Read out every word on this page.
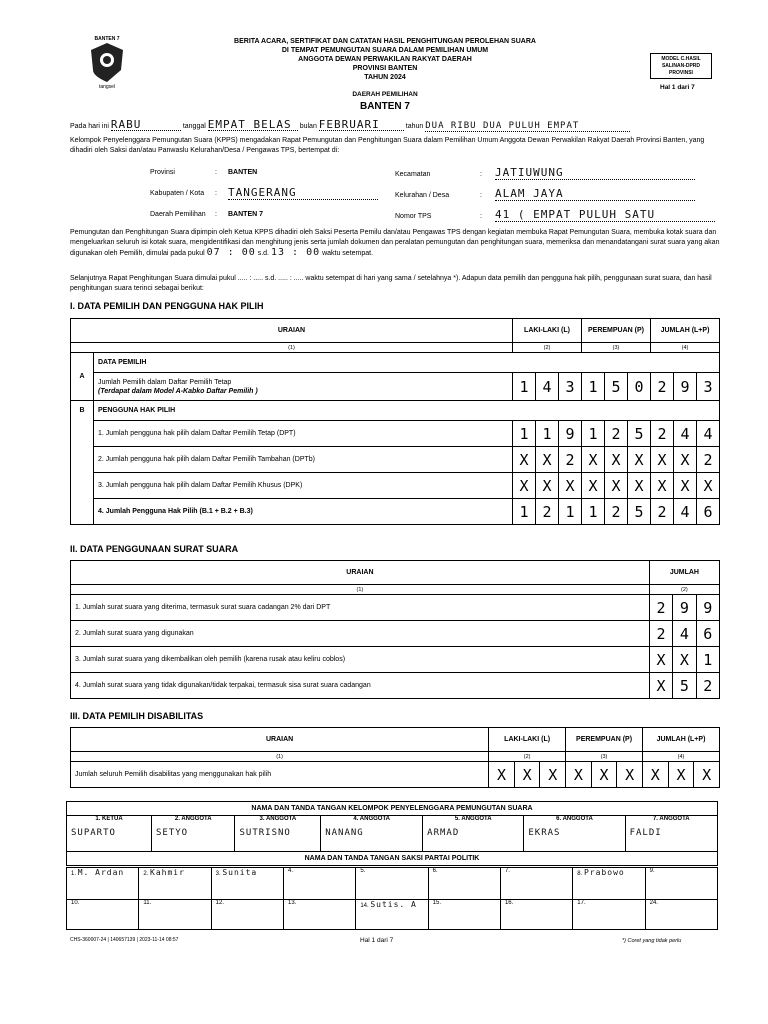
BANTEN 7
tangsel
BERITA ACARA, SERTIFIKAT DAN CATATAN HASIL PENGHITUNGAN PEROLEHAN SUARA
DI TEMPAT PEMUNGUTAN SUARA DALAM PEMILIHAN UMUM
ANGGOTA DEWAN PERWAKILAN RAKYAT DAERAH
PROVINSI BANTEN
TAHUN 2024
MODEL C.HASIL
SALINAN-DPRD
PROVINSI
Hal 1 dari 7
DAERAH PEMILIHAN
BANTEN 7
Pada hari ini RABU	tanggal EMPAT BELAS bulan FEBRUARI	tahun DUA RIBU DUA PULUH EMPAT
Kelompok Penyelenggara Pemungutan Suara (KPPS) mengadakan Rapat Pemungutan dan Penghitungan Suara dalam Pemilihan Umum Anggota Dewan Perwakilan Rakyat Daerah Provinsi Banten, yang dihadiri oleh Saksi dan/atau Panwaslu Kelurahan/Desa / Pengawas TPS, bertempat di:
Provinsi	: BANTEN
Kabupaten / Kota : TANGERANG
Daerah Pemilihan : BANTEN 7
Kecamatan	: JATIUWUNG
Kelurahan / Desa	: ALAM JAYA
Nomor TPS	: 41 ( EMPAT PULUH SATU
Pemungutan dan Penghitungan Suara dipimpin oleh Ketua KPPS dihadiri oleh Saksi Peserta Pemilu dan/atau Pengawas TPS dengan kegiatan membuka Rapat Pemungutan Suara, membuka kotak suara dan mengeluarkan seluruh isi kotak suara, mengidentifikasi dan menghitung jenis serta jumlah dokumen dan peralatan pemungutan dan penghitungan suara, memeriksa dan menandatangani surat suara yang akan digunakan oleh Pemilih, dimulai pada pukul 07 : 00 s.d. 13 : 00 waktu setempat.
Selanjutnya Rapat Penghitungan Suara dimulai pukul ..... : ..... s.d. ..... : ..... waktu setempat di hari yang sama / setelahnya *). Adapun data pemilih dan pengguna hak pilih, penggunaan surat suara, dan hasil penghitungan suara terinci sebagai berikut:
I. DATA PEMILIH DAN PENGGUNA HAK PILIH
URAIAN		LAKI-LAKI (L)			PEREMPUAN (P)			JUMLAH (L+P)		
(1)		(2)			(3)			(4)		
A	DATA PEMILIH									

	Jumlah Pemilih dalam Daftar Pemilih Tetap
(Terdapat dalam Model A-Kabko Daftar Pemilih )	1	4	3	1	5	0	2	9	3
B	PENGGUNA HAK PILIH									
	1. Jumlah pengguna hak pilih dalam Daftar Pemilih Tetap (DPT)	1	1	9	1	2	5	2	4	4
	2. Jumlah pengguna hak pilih dalam Daftar Pemilih Tambahan (DPTb)	X	X	2	X	X	X	X	X	2
	3. Jumlah pengguna hak pilih dalam Daftar Pemilih Khusus (DPK)	X	X	X	X	X	X	X	X	X
	4. Jumlah Pengguna Hak Pilih (B.1 + B.2 + B.3)	1	2	1	1	2	5	2	4	6
II. DATA PENGGUNAAN SURAT SUARA
URAIAN	JUMLAH		
(1)	(2)		
1. Jumlah surat suara yang diterima, termasuk surat suara cadangan 2% dari DPT	2	9	9
2. Jumlah surat suara yang digunakan	2	4	6
3. Jumlah surat suara yang dikembalikan oleh pemilih (karena rusak atau keliru coblos)	X	X	1
4. Jumlah surat suara yang tidak digunakan/tidak terpakai, termasuk sisa surat suara cadangan	X	5	2
III. DATA PEMILIH DISABILITAS
URAIAN	LAKI-LAKI (L)			PEREMPUAN (P)			JUMLAH (L+P)		
(1)	(2)			(3)			(4)		
Jumlah seluruh Pemilih disabilitas yang menggunakan hak pilih	X	X	X	X	X	X	X	X	X
NAMA DAN TANDA TANGAN KELOMPOK PENYELENGGARA PEMUNGUTAN SUARA

1. KETUA
SUPARTO

2. ANGGOTA
SETYO

3. ANGGOTA
SUTRISNO

4. ANGGOTA
NANANG

5. ANGGOTA
ARMAD

6. ANGGOTA
EKRAS

7. ANGGOTA
FALDI

NAMA DAN TANDA TANGAN SAKSI PARTAI POLITIK
1. M. Ardan	2. Kahmir	3. Sunita	4.	5.	6.	7.	8. Prabowo	9.
10.	11.	12.	13.	14. Sutis. A	15.	16.	17.	24.
CHS-360007-24 | 140657139 | 2023-11-14 08:57	Hal 1 dari 7	*) Coret yang tidak perlu
